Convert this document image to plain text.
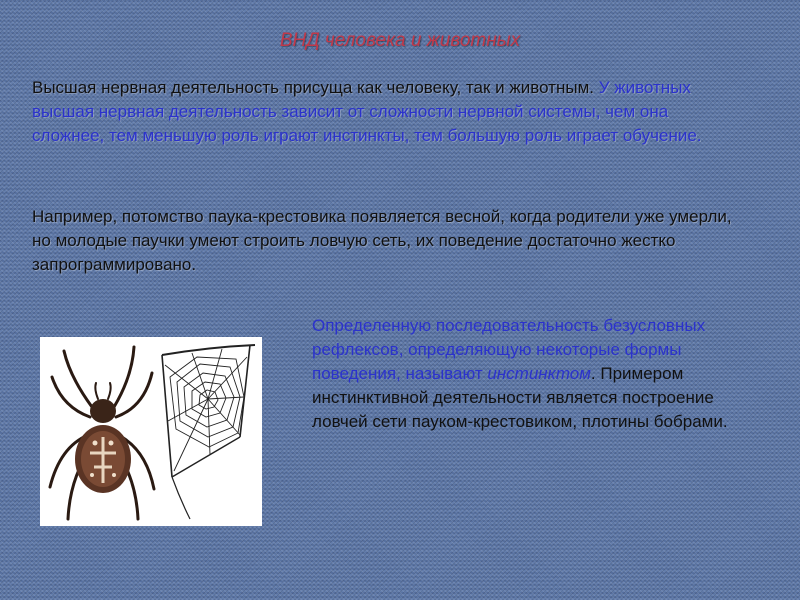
ВНД человека и животных
Высшая нервная деятельность присуща как человеку, так и животным. У животных высшая нервная деятельность зависит от сложности нервной системы, чем она сложнее, тем меньшую роль играют инстинкты, тем большую роль играет обучение.
Например, потомство паука-крестовика появляется весной, когда родители уже умерли, но молодые паучки умеют строить ловчую сеть, их поведение достаточно жестко запрограммировано.
Определенную последовательность безусловных рефлексов, определяющую некоторые формы поведения, называют инстинктом. Примером инстинктивной деятельности является построение ловчей сети пауком-крестовиком, плотины бобрами.
